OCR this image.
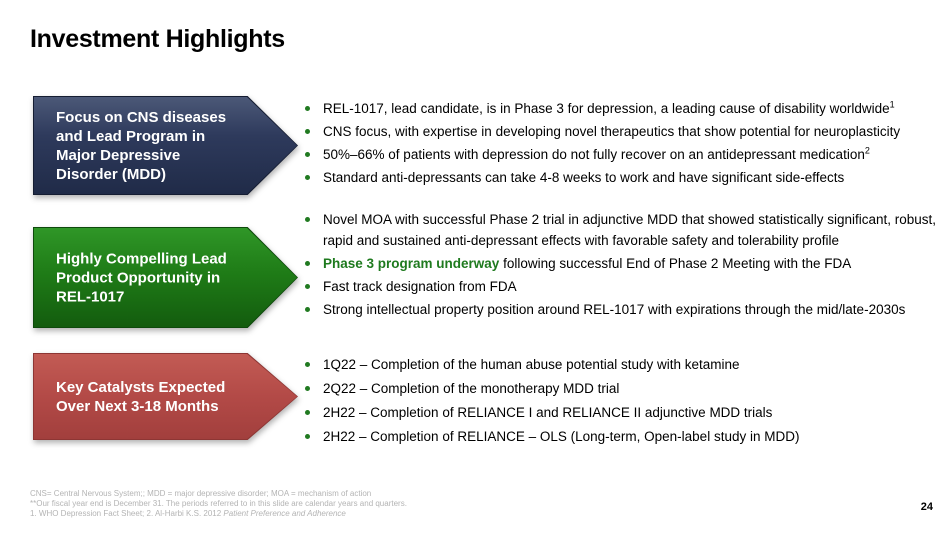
Investment Highlights
Focus on CNS diseases and Lead Program in Major Depressive Disorder (MDD)
REL-1017, lead candidate, is in Phase 3 for depression, a leading cause of disability worldwide$^1$
CNS focus, with expertise in developing novel therapeutics that show potential for neuroplasticity
50%–66% of patients with depression do not fully recover on an antidepressant medication$^2$
Standard anti-depressants can take 4-8 weeks to work and have significant side-effects
Highly Compelling Lead Product Opportunity in REL-1017
Novel MOA with successful Phase 2 trial in adjunctive MDD that showed statistically significant, robust, rapid and sustained anti-depressant effects with favorable safety and tolerability profile
Phase 3 program underway following successful End of Phase 2 Meeting with the FDA
Fast track designation from FDA
Strong intellectual property position around REL-1017 with expirations through the mid/late-2030s
Key Catalysts Expected Over Next 3-18 Months
1Q22 – Completion of the human abuse potential study with ketamine
2Q22 – Completion of the monotherapy MDD trial
2H22 – Completion of RELIANCE I and RELIANCE II adjunctive MDD trials
2H22 – Completion of RELIANCE – OLS (Long-term, Open-label study in MDD)
CNS= Central Nervous System;; MDD = major depressive disorder; MOA = mechanism of action
**Our fiscal year end is December 31. The periods referred to in this slide are calendar years and quarters.
1. WHO Depression Fact Sheet; 2. Al-Harbi K.S. 2012 Patient Preference and Adherence
24
